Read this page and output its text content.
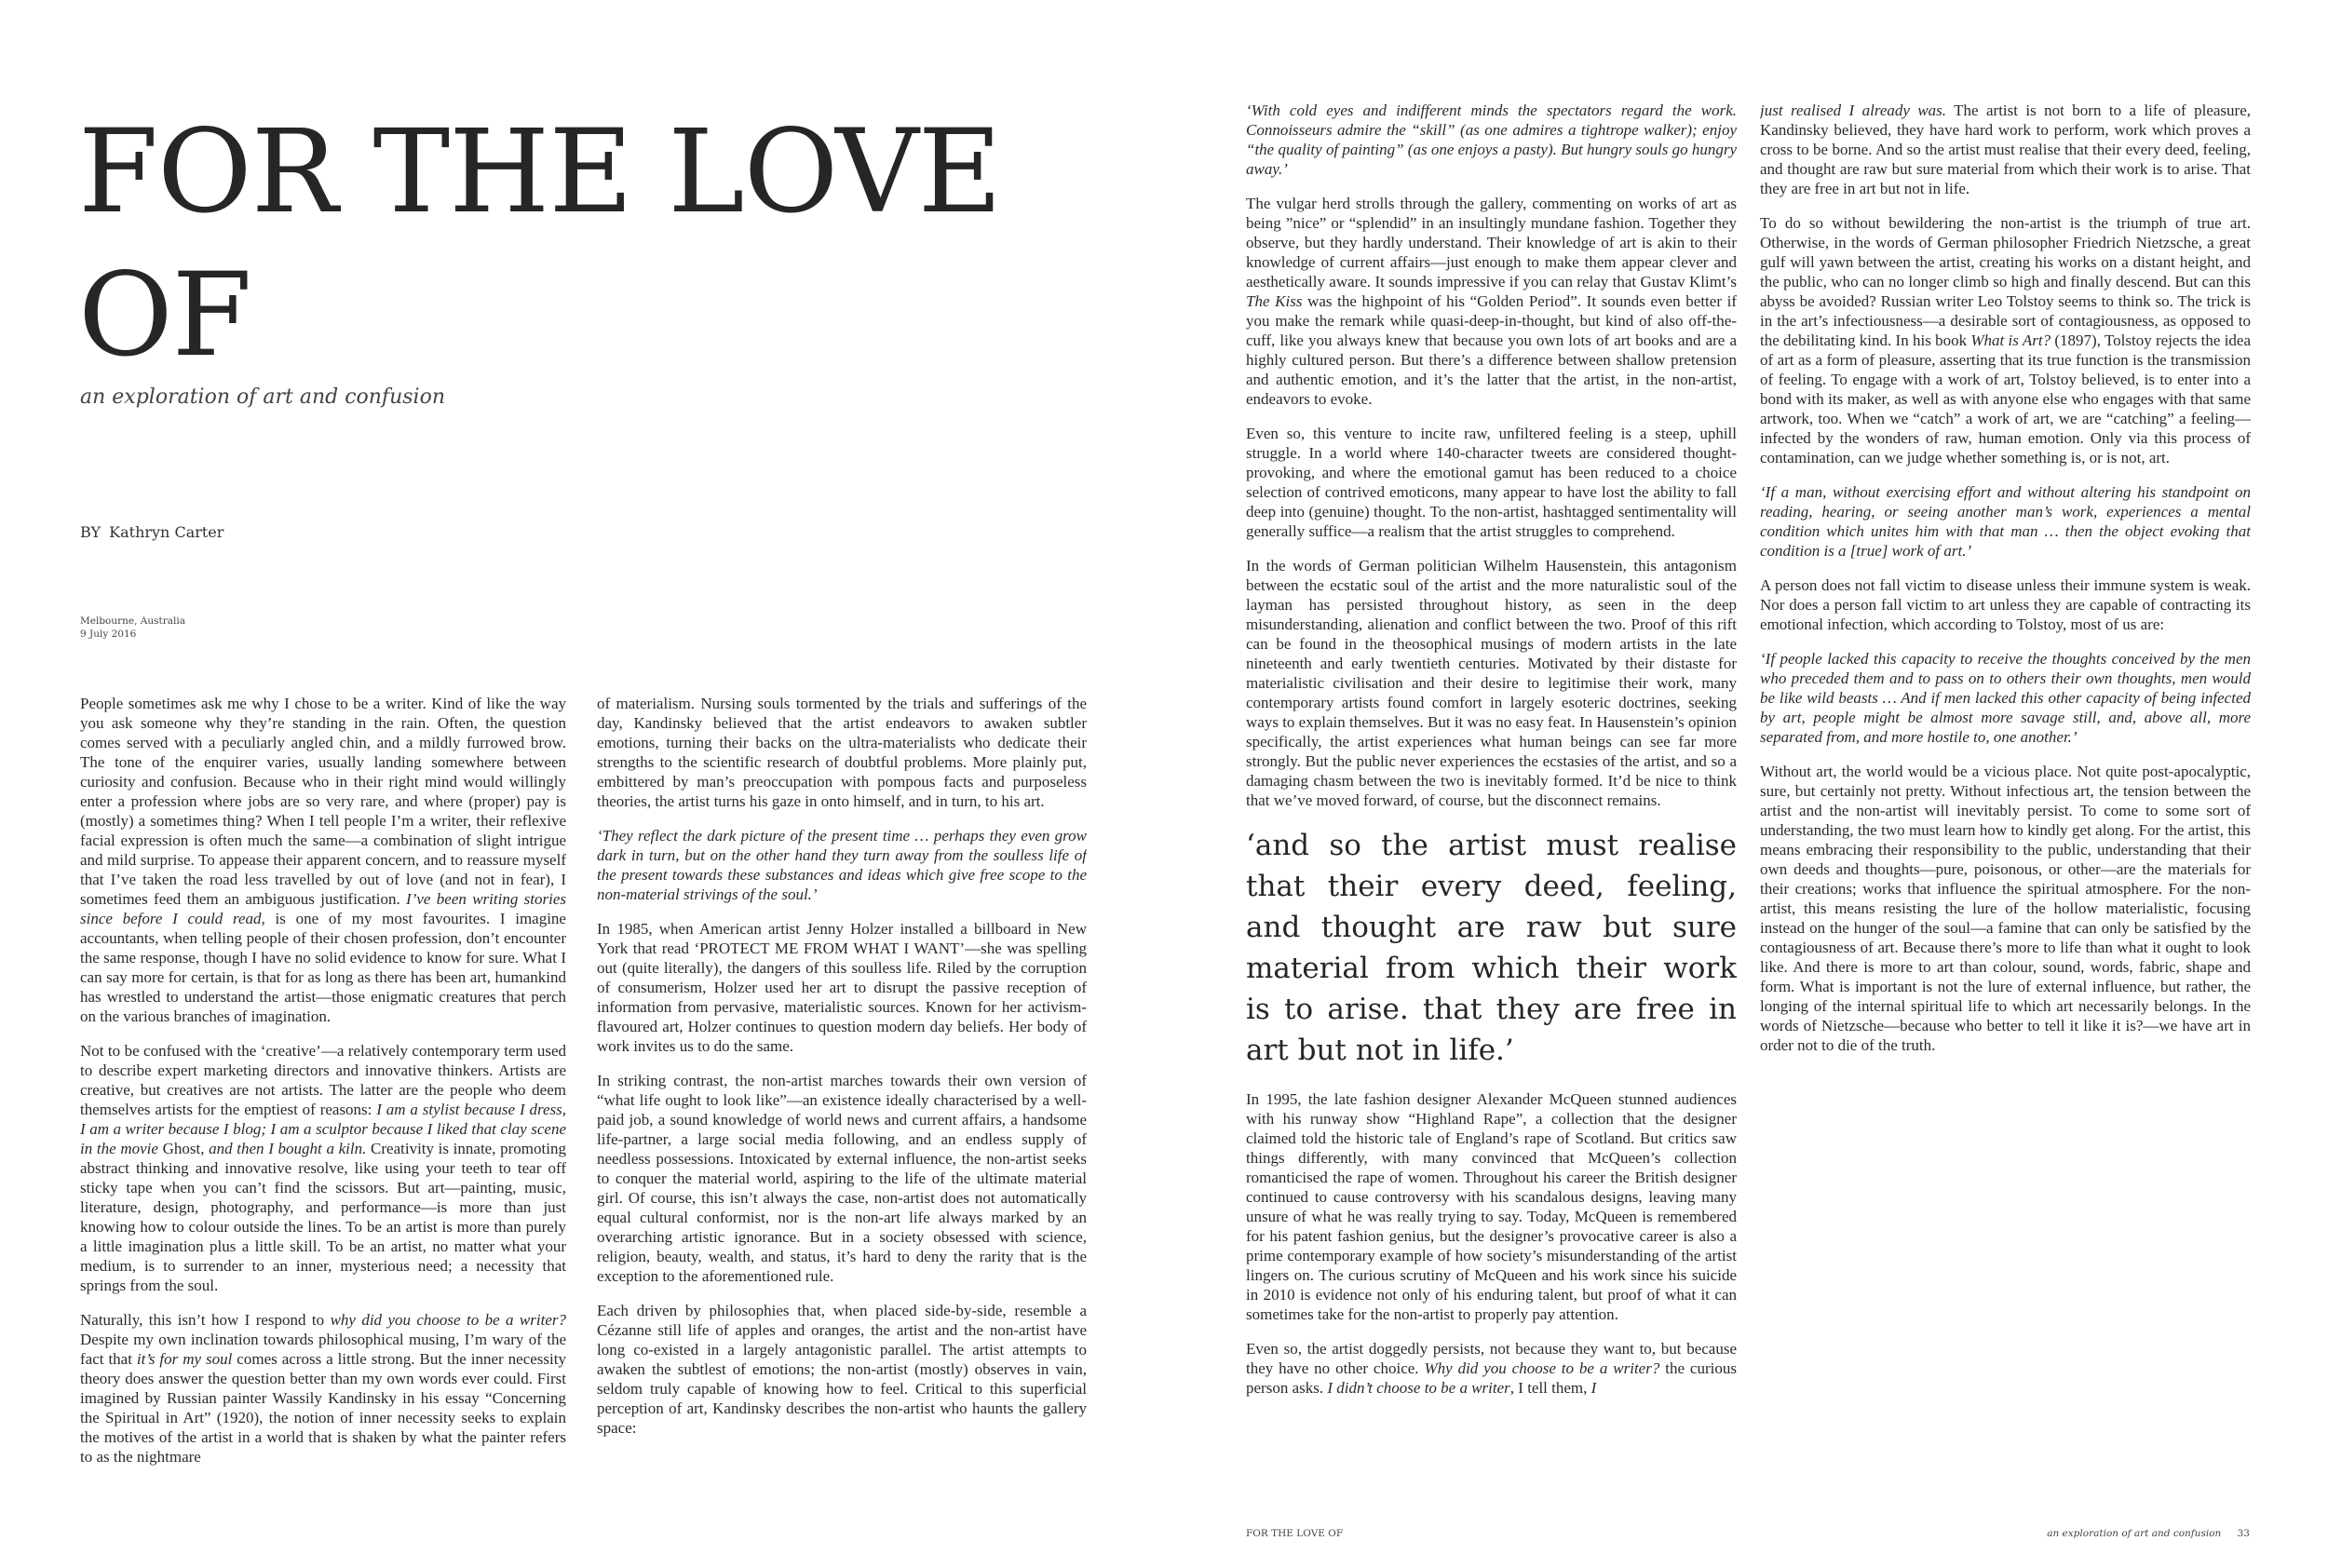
FOR THE LOVE
OF
an exploration of art and confusion
BY Kathryn Carter
Melbourne, Australia
9 July 2016

People sometimes ask me why I chose to be a writer. Kind of like the way you ask someone why they’re standing in the rain. Often, the question comes served with a peculiarly angled chin, and a mildly furrowed brow. The tone of the enquirer varies, usually landing somewhere between curiosity and confusion. Because who in their right mind would willingly enter a profession where jobs are so very rare, and where (proper) pay is (mostly) a sometimes thing? When I tell people I’m a writer, their reflexive facial expression is often much the same—a combination of slight intrigue and mild surprise. To appease their apparent concern, and to reassure myself that I’ve taken the road less travelled by out of love (and not in fear), I sometimes feed them an ambiguous justification. I’ve been writing stories since before I could read, is one of my most favourites. I imagine accountants, when telling people of their chosen profession, don’t encounter the same response, though I have no solid evidence to know for sure. What I can say more for certain, is that for as long as there has been art, humankind has wrestled to understand the artist—those enigmatic creatures that perch on the various branches of imagination.

Not to be confused with the ‘creative’—a relatively contemporary term used to describe expert marketing directors and innovative thinkers. Artists are creative, but creatives are not artists. The latter are the people who deem themselves artists for the emptiest of reasons: I am a stylist because I dress, I am a writer because I blog; I am a sculptor because I liked that clay scene in the movie Ghost, and then I bought a kiln. Creativity is innate, promoting abstract thinking and innovative resolve, like using your teeth to tear off sticky tape when you can’t find the scissors. But art—painting, music, literature, design, photography, and performance—is more than just knowing how to colour outside the lines. To be an artist is more than purely a little imagination plus a little skill. To be an artist, no matter what your medium, is to surrender to an inner, mysterious need; a necessity that springs from the soul.

Naturally, this isn’t how I respond to why did you choose to be a writer? Despite my own inclination towards philosophical musing, I’m wary of the fact that it’s for my soul comes across a little strong. But the inner necessity theory does answer the question better than my own words ever could. First imagined by Russian painter Wassily Kandinsky in his essay “Concerning the Spiritual in Art” (1920), the notion of inner necessity seeks to explain the motives of the artist in a world that is shaken by what the painter refers to as the nightmare

of materialism. Nursing souls tormented by the trials and sufferings of the day, Kandinsky believed that the artist endeavors to awaken subtler emotions, turning their backs on the ultra-materialists who dedicate their strengths to the scientific research of doubtful problems. More plainly put, embittered by man’s preoccupation with pompous facts and purposeless theories, the artist turns his gaze in onto himself, and in turn, to his art.

‘They reflect the dark picture of the present time … perhaps they even grow dark in turn, but on the other hand they turn away from the soulless life of the present towards these substances and ideas which give free scope to the non-material strivings of the soul.’

In 1985, when American artist Jenny Holzer installed a billboard in New York that read ‘PROTECT ME FROM WHAT I WANT’—she was spelling out (quite literally), the dangers of this soulless life. Riled by the corruption of consumerism, Holzer used her art to disrupt the passive reception of information from pervasive, materialistic sources. Known for her activism-flavoured art, Holzer continues to question modern day beliefs. Her body of work invites us to do the same.

In striking contrast, the non-artist marches towards their own version of “what life ought to look like”—an existence ideally characterised by a well-paid job, a sound knowledge of world news and current affairs, a handsome life-partner, a large social media following, and an endless supply of needless possessions. Intoxicated by external influence, the non-artist seeks to conquer the material world, aspiring to the life of the ultimate material girl. Of course, this isn’t always the case, non-artist does not automatically equal cultural conformist, nor is the non-art life always marked by an overarching artistic ignorance. But in a society obsessed with science, religion, beauty, wealth, and status, it’s hard to deny the rarity that is the exception to the aforementioned rule.

Each driven by philosophies that, when placed side-by-side, resemble a Cézanne still life of apples and oranges, the artist and the non-artist have long co-existed in a largely antagonistic parallel. The artist attempts to awaken the subtlest of emotions; the non-artist (mostly) observes in vain, seldom truly capable of knowing how to feel. Critical to this superficial perception of art, Kandinsky describes the non-artist who haunts the gallery space:

‘With cold eyes and indifferent minds the spectators regard the work. Connoisseurs admire the “skill” (as one admires a tightrope walker); enjoy “the quality of painting” (as one enjoys a pasty). But hungry souls go hungry away.’

The vulgar herd strolls through the gallery, commenting on works of art as being ”nice” or “splendid” in an insultingly mundane fashion. Together they observe, but they hardly understand. Their knowledge of art is akin to their knowledge of current affairs—just enough to make them appear clever and aesthetically aware. It sounds impressive if you can relay that Gustav Klimt’s The Kiss was the highpoint of his “Golden Period”. It sounds even better if you make the remark while quasi-deep-in-thought, but kind of also off-the-cuff, like you always knew that because you own lots of art books and are a highly cultured person. But there’s a difference between shallow pretension and authentic emotion, and it’s the latter that the artist, in the non-artist, endeavors to evoke.

Even so, this venture to incite raw, unfiltered feeling is a steep, uphill struggle. In a world where 140-character tweets are considered thought-provoking, and where the emotional gamut has been reduced to a choice selection of contrived emoticons, many appear to have lost the ability to fall deep into (genuine) thought. To the non-artist, hashtagged sentimentality will generally suffice—a realism that the artist struggles to comprehend.

In the words of German politician Wilhelm Hausenstein, this antagonism between the ecstatic soul of the artist and the more naturalistic soul of the layman has persisted throughout history, as seen in the deep misunderstanding, alienation and conflict between the two. Proof of this rift can be found in the theosophical musings of modern artists in the late nineteenth and early twentieth centuries. Motivated by their distaste for materialistic civilisation and their desire to legitimise their work, many contemporary artists found comfort in largely esoteric doctrines, seeking ways to explain themselves. But it was no easy feat. In Hausenstein’s opinion specifically, the artist experiences what human beings can see far more strongly. But the public never experiences the ecstasies of the artist, and so a damaging chasm between the two is inevitably formed. It’d be nice to think that we’ve moved forward, of course, but the disconnect remains.

‘and so the artist must realise that their every deed, feeling, and thought are raw but sure material from which their work is to arise. that they are free in art but not in life.’

In 1995, the late fashion designer Alexander McQueen stunned audiences with his runway show “Highland Rape”, a collection that the designer claimed told the historic tale of England’s rape of Scotland. But critics saw things differently, with many convinced that McQueen’s collection romanticised the rape of women. Throughout his career the British designer continued to cause controversy with his scandalous designs, leaving many unsure of what he was really trying to say. Today, McQueen is remembered for his patent fashion genius, but the designer’s provocative career is also a prime contemporary example of how society’s misunderstanding of the artist lingers on. The curious scrutiny of McQueen and his work since his suicide in 2010 is evidence not only of his enduring talent, but proof of what it can sometimes take for the non-artist to properly pay attention.

Even so, the artist doggedly persists, not because they want to, but because they have no other choice. Why did you choose to be a writer? the curious person asks. I didn’t choose to be a writer, I tell them, I

just realised I already was. The artist is not born to a life of pleasure, Kandinsky believed, they have hard work to perform, work which proves a cross to be borne. And so the artist must realise that their every deed, feeling, and thought are raw but sure material from which their work is to arise. That they are free in art but not in life.

To do so without bewildering the non-artist is the triumph of true art. Otherwise, in the words of German philosopher Friedrich Nietzsche, a great gulf will yawn between the artist, creating his works on a distant height, and the public, who can no longer climb so high and finally descend. But can this abyss be avoided? Russian writer Leo Tolstoy seems to think so. The trick is in the art’s infectiousness—a desirable sort of contagiousness, as opposed to the debilitating kind. In his book What is Art? (1897), Tolstoy rejects the idea of art as a form of pleasure, asserting that its true function is the transmission of feeling. To engage with a work of art, Tolstoy believed, is to enter into a bond with its maker, as well as with anyone else who engages with that same artwork, too. When we “catch” a work of art, we are “catching” a feeling—infected by the wonders of raw, human emotion. Only via this process of contamination, can we judge whether something is, or is not, art.

‘If a man, without exercising effort and without altering his standpoint on reading, hearing, or seeing another man’s work, experiences a mental condition which unites him with that man … then the object evoking that condition is a [true] work of art.’

A person does not fall victim to disease unless their immune system is weak. Nor does a person fall victim to art unless they are capable of contracting its emotional infection, which according to Tolstoy, most of us are:

‘If people lacked this capacity to receive the thoughts conceived by the men who preceded them and to pass on to others their own thoughts, men would be like wild beasts … And if men lacked this other capacity of being infected by art, people might be almost more savage still, and, above all, more separated from, and more hostile to, one another.’

Without art, the world would be a vicious place. Not quite post-apocalyptic, sure, but certainly not pretty. Without infectious art, the tension between the artist and the non-artist will inevitably persist. To come to some sort of understanding, the two must learn how to kindly get along. For the artist, this means embracing their responsibility to the public, understanding that their own deeds and thoughts—pure, poisonous, or other—are the materials for their creations; works that influence the spiritual atmosphere. For the non-artist, this means resisting the lure of the hollow materialistic, focusing instead on the hunger of the soul—a famine that can only be satisfied by the contagiousness of art. Because there’s more to life than what it ought to look like. And there is more to art than colour, sound, words, fabric, shape and form. What is important is not the lure of external influence, but rather, the longing of the internal spiritual life to which art necessarily belongs. In the words of Nietzsche—because who better to tell it like it is?—we have art in order not to die of the truth.

FOR THE LOVE OF	an exploration of art and confusion 33
